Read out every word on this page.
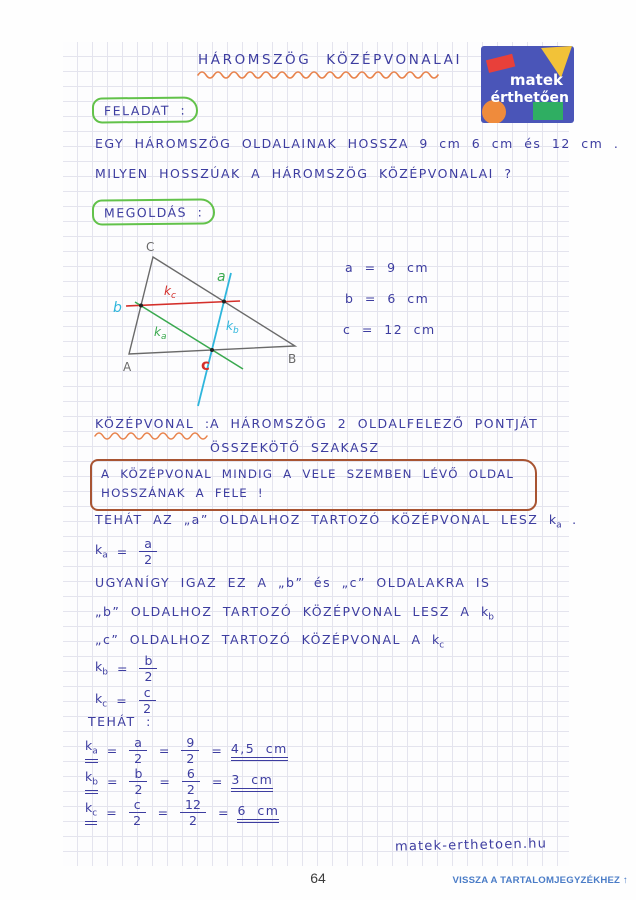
HÁROMSZÖG KÖZÉPVONALAI
matek
érthetően
FELADAT :
EGY HÁROMSZÖG OLDALAINAK HOSSZA 9 cm 6 cm és 12 cm .
MILYEN HOSSZÚAK A HÁROMSZÖG KÖZÉPVONALAI ?
MEGOLDÁS :
C
A
B
b
a
c
$k_c$
$k_a$
$k_b$
a = 9 cm
b = 6 cm
c = 12 cm
KÖZÉPVONAL : A HÁROMSZÖG 2 OLDALFELEZŐ PONTJÁT
ÖSSZEKÖTŐ SZAKASZ
A KÖZÉPVONAL MINDIG A VELE SZEMBEN LÉVŐ OLDAL
HOSSZÁNAK A FELE !
TEHÁT AZ „a” OLDALHOZ TARTOZÓ KÖZÉPVONAL LESZ $k_a$ .
$k_a = \frac{a}{2}$
UGYANÍGY IGAZ EZ A „b” és „c” OLDALAKRA IS
„b” OLDALHOZ TARTOZÓ KÖZÉPVONAL LESZ A $k_b$
„c” OLDALHOZ TARTOZÓ KÖZÉPVONAL A $k_c$
$k_b = \frac{b}{2}$
$k_c = \frac{c}{2}$
TEHÁT :
$k_a = \frac{a}{2} = \frac{9}{2} = 4,5$ cm
$k_b = \frac{b}{2} = \frac{6}{2} = 3$ cm
$k_c = \frac{c}{2} = \frac{12}{2} = 6$ cm
matek-erthetoen.hu
64	VISSZA A TARTALOMJEGYZÉKHEZ ↑
